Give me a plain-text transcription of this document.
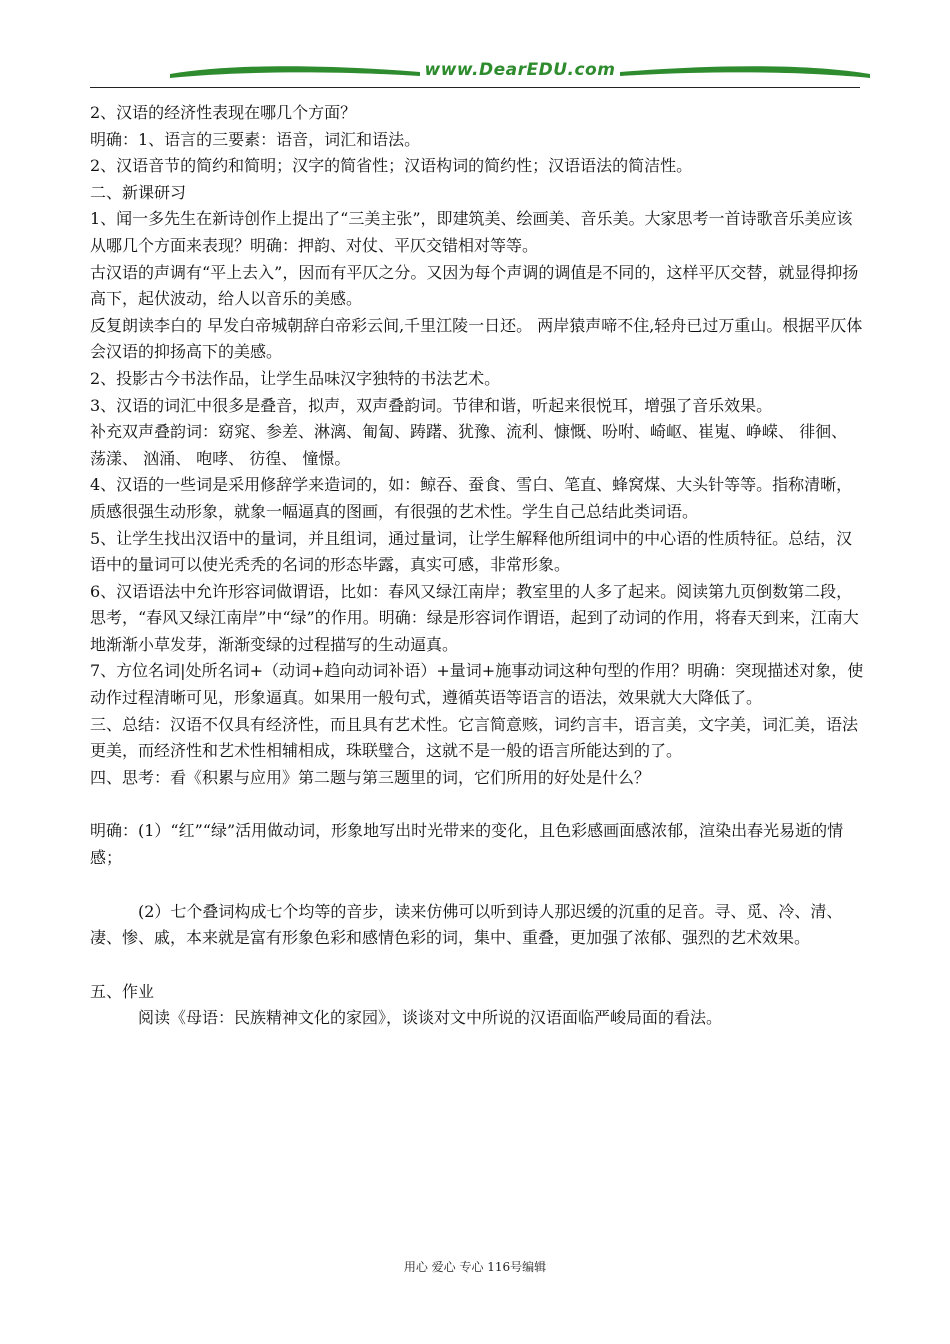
www.DearEDU.com

2、汉语的经济性表现在哪几个方面？

明确：1、语言的三要素：语音，词汇和语法。

2、汉语音节的简约和简明；汉字的简省性；汉语构词的简约性；汉语语法的简洁性。

二、新课研习

1、闻一多先生在新诗创作上提出了“三美主张”，即建筑美、绘画美、音乐美。大家思考一首诗歌音乐美应该从哪几个方面来表现？明确：押韵、对仗、平仄交错相对等等。

古汉语的声调有“平上去入”，因而有平仄之分。又因为每个声调的调值是不同的，这样平仄交替，就显得抑扬高下，起伏波动，给人以音乐的美感。

反复朗读李白的 早发白帝城朝辞白帝彩云间,千里江陵一日还。 两岸猿声啼不住,轻舟已过万重山。根据平仄体会汉语的抑扬高下的美感。

2、投影古今书法作品，让学生品味汉字独特的书法艺术。

3、汉语的词汇中很多是叠音，拟声，双声叠韵词。节律和谐，听起来很悦耳，增强了音乐效果。

补充双声叠韵词：窈窕、参差、淋漓、匍匐、踌躇、犹豫、流利、慷慨、吩咐、崎岖、崔嵬、峥嵘、 徘徊、 荡漾、 汹涌、 咆哮、 彷徨、 憧憬。

4、汉语的一些词是采用修辞学来造词的，如：鲸吞、蚕食、雪白、笔直、蜂窝煤、大头针等等。指称清晰，质感很强生动形象，就象一幅逼真的图画，有很强的艺术性。学生自己总结此类词语。

5、让学生找出汉语中的量词，并且组词，通过量词，让学生解释他所组词中的中心语的性质特征。总结，汉语中的量词可以使光秃秃的名词的形态毕露，真实可感，非常形象。

6、汉语语法中允许形容词做谓语，比如：春风又绿江南岸；教室里的人多了起来。阅读第九页倒数第二段，思考，“春风又绿江南岸”中“绿”的作用。明确：绿是形容词作谓语，起到了动词的作用，将春天到来，江南大地渐渐小草发芽，渐渐变绿的过程描写的生动逼真。

7、方位名词|处所名词+（动词+趋向动词补语）+量词+施事动词这种句型的作用？明确：突现描述对象，使动作过程清晰可见，形象逼真。如果用一般句式，遵循英语等语言的语法，效果就大大降低了。

三、总结：汉语不仅具有经济性，而且具有艺术性。它言简意赅，词约言丰，语言美，文字美，词汇美，语法更美，而经济性和艺术性相辅相成，珠联璧合，这就不是一般的语言所能达到的了。

四、思考：看《积累与应用》第二题与第三题里的词，它们所用的好处是什么？

明确：(1）“红”“绿”活用做动词，形象地写出时光带来的变化，且色彩感画面感浓郁，渲染出春光易逝的情感；

(2）七个叠词构成七个均等的音步，读来仿佛可以听到诗人那迟缓的沉重的足音。寻、觅、冷、清、凄、惨、戚，本来就是富有形象色彩和感情色彩的词，集中、重叠，更加强了浓郁、强烈的艺术效果。

五、作业

阅读《母语：民族精神文化的家园》，谈谈对文中所说的汉语面临严峻局面的看法。

用心 爱心 专心 116号编辑
